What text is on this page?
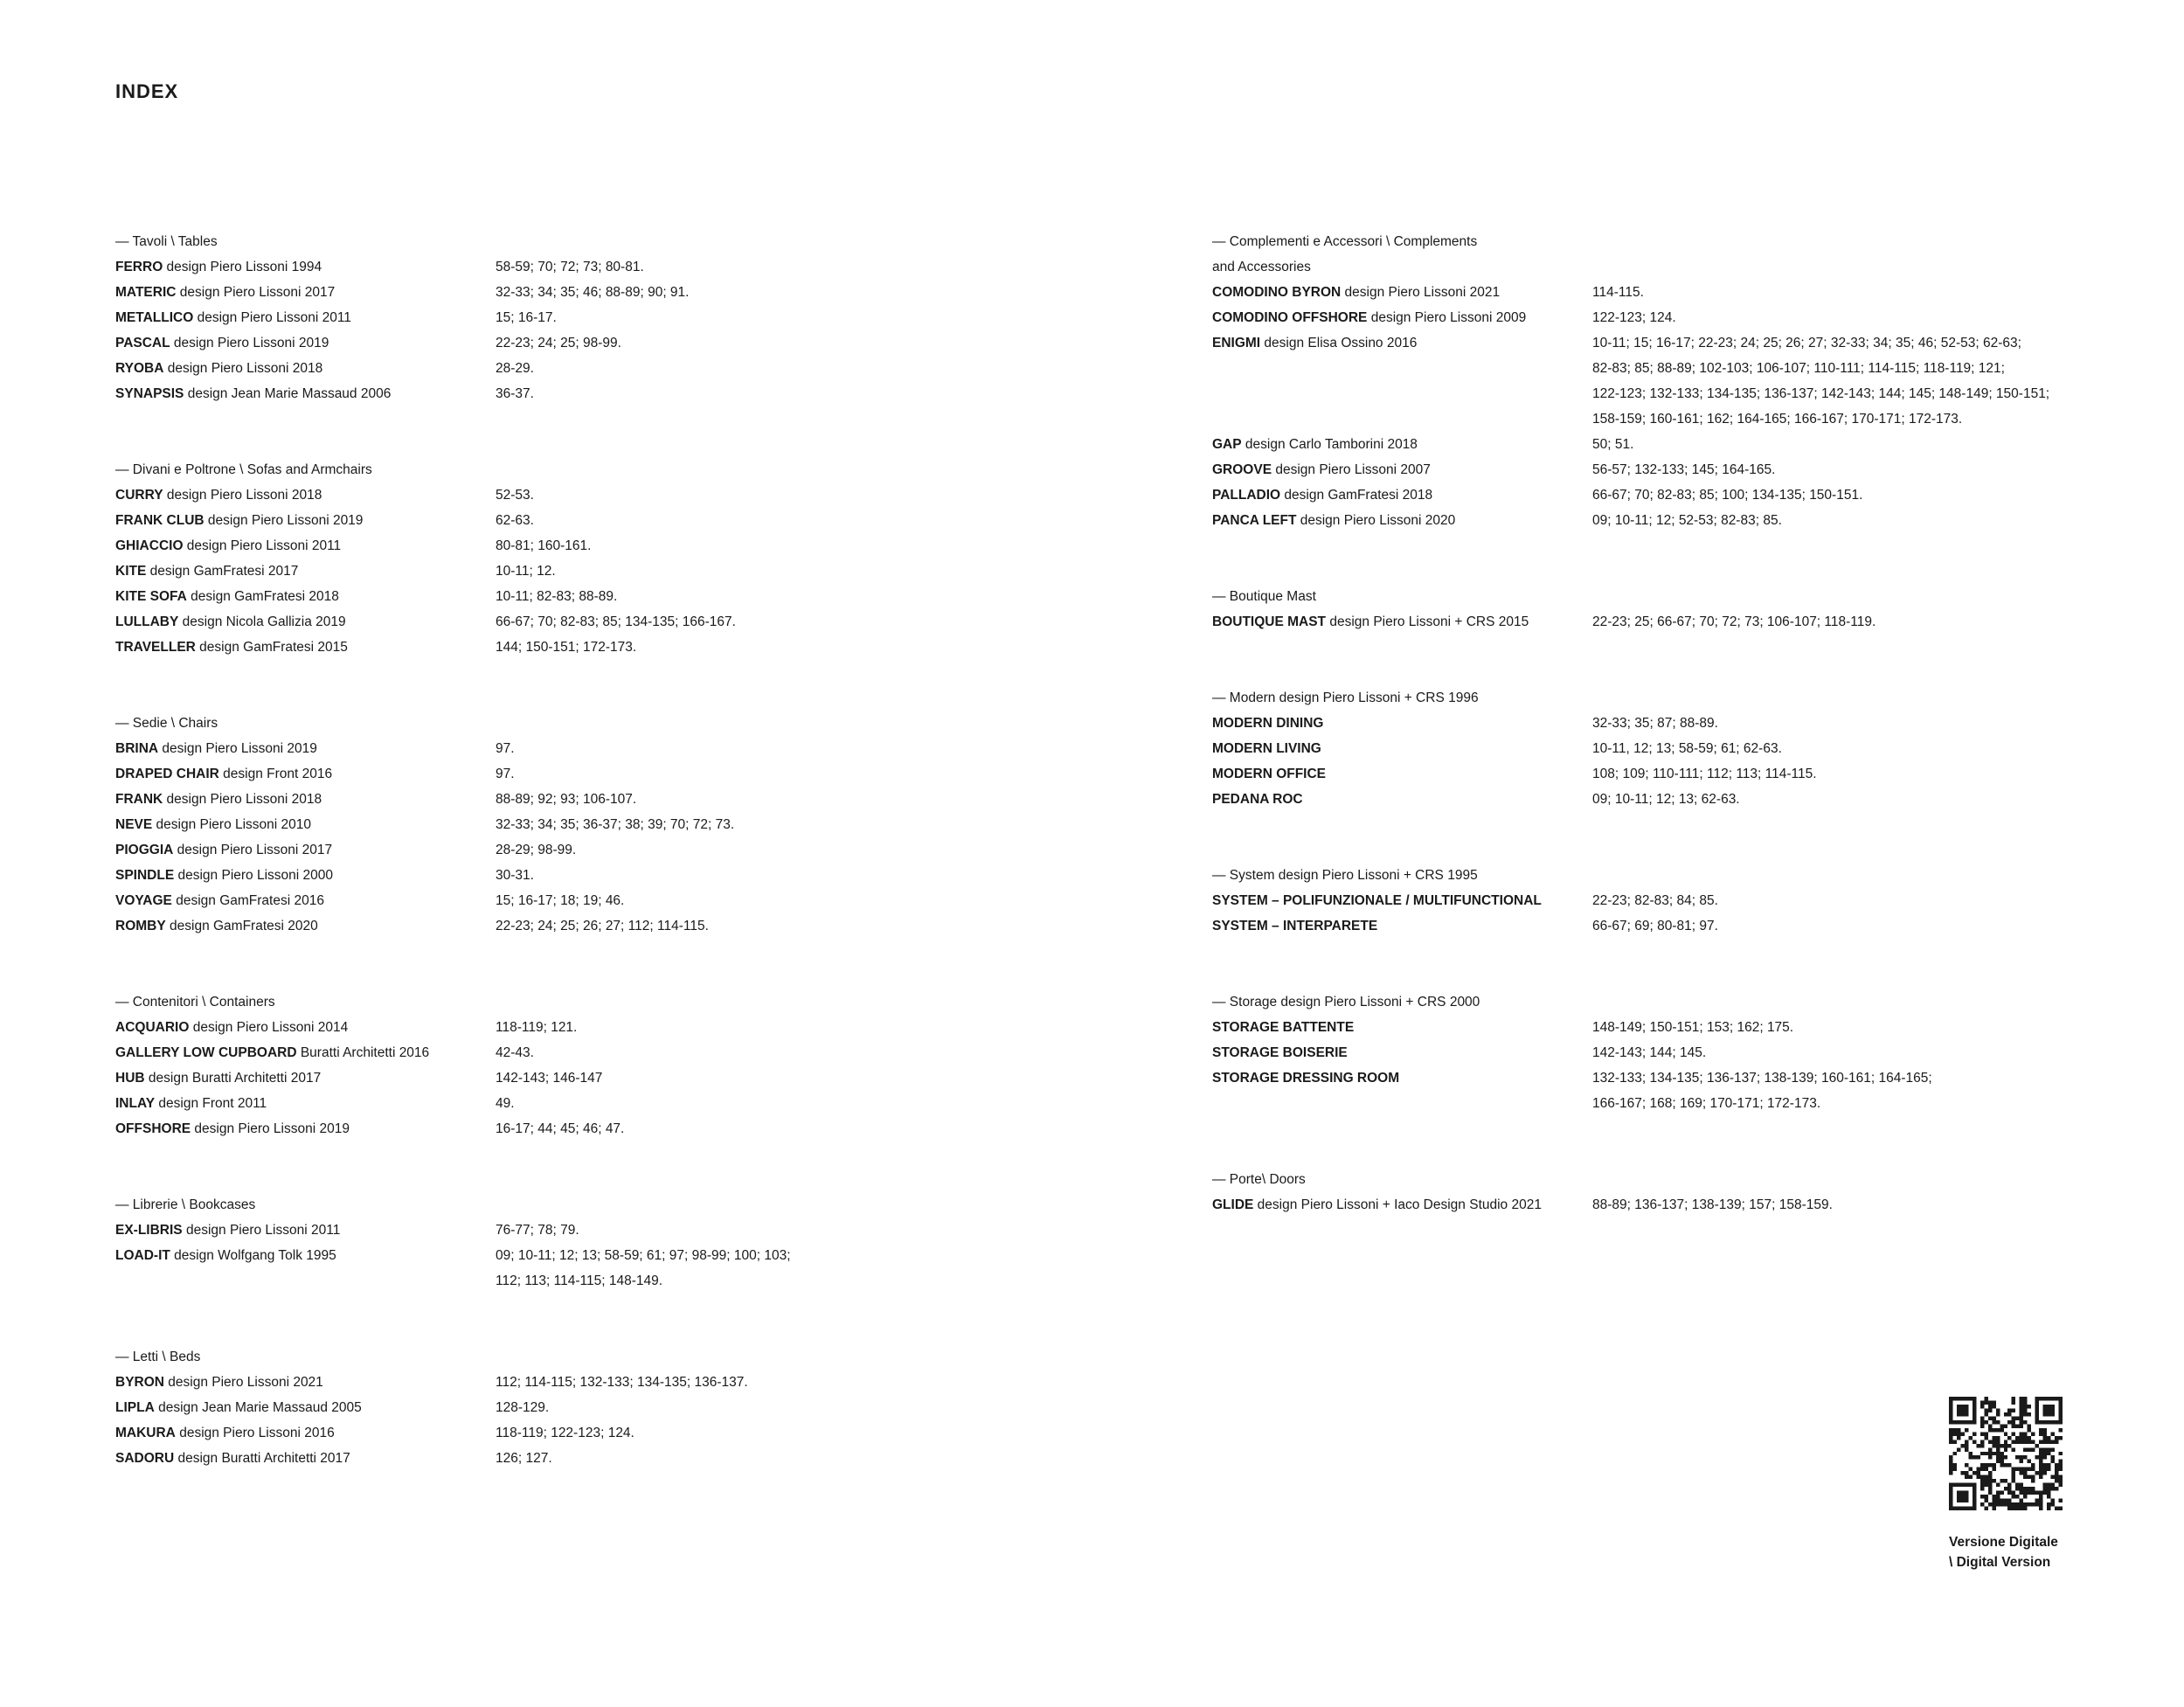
INDEX
— Tavoli \ Tables
FERRO design Piero Lissoni 1994	58-59; 70; 72; 73; 80-81.
MATERIC design Piero Lissoni 2017	32-33; 34; 35; 46; 88-89; 90; 91.
METALLICO design Piero Lissoni 2011	15; 16-17.
PASCAL design Piero Lissoni 2019	22-23; 24; 25; 98-99.
RYOBA design Piero Lissoni 2018	28-29.
SYNAPSIS design Jean Marie Massaud 2006	36-37.
— Divani e Poltrone \ Sofas and Armchairs
CURRY design Piero Lissoni 2018	52-53.
FRANK CLUB design Piero Lissoni 2019	62-63.
GHIACCIO design Piero Lissoni 2011	80-81; 160-161.
KITE design GamFratesi 2017	10-11; 12.
KITE SOFA design GamFratesi 2018	10-11; 82-83; 88-89.
LULLABY design Nicola Gallizia 2019	66-67; 70; 82-83; 85; 134-135; 166-167.
TRAVELLER design GamFratesi 2015	144; 150-151; 172-173.
— Sedie \ Chairs
BRINA design Piero Lissoni 2019	97.
DRAPED CHAIR design Front 2016	97.
FRANK design Piero Lissoni 2018	88-89; 92; 93; 106-107.
NEVE design Piero Lissoni 2010	32-33; 34; 35; 36-37; 38; 39; 70; 72; 73.
PIOGGIA design Piero Lissoni 2017	28-29; 98-99.
SPINDLE design Piero Lissoni 2000	30-31.
VOYAGE design GamFratesi 2016	15; 16-17; 18; 19; 46.
ROMBY design GamFratesi 2020	22-23; 24; 25; 26; 27; 112; 114-115.
— Contenitori \ Containers
ACQUARIO design Piero Lissoni 2014	118-119; 121.
GALLERY LOW CUPBOARD Buratti Architetti 2016	42-43.
HUB design Buratti Architetti 2017	142-143; 146-147
INLAY design Front 2011	49.
OFFSHORE design Piero Lissoni 2019	16-17; 44; 45; 46; 47.
— Librerie \ Bookcases
EX-LIBRIS design Piero Lissoni 2011	76-77; 78; 79.
LOAD-IT design Wolfgang Tolk 1995	09; 10-11; 12; 13; 58-59; 61; 97; 98-99; 100; 103;
112; 113; 114-115; 148-149.
— Letti \ Beds
BYRON design Piero Lissoni 2021	112; 114-115; 132-133; 134-135; 136-137.
LIPLA design Jean Marie Massaud 2005	128-129.
MAKURA design Piero Lissoni 2016	118-119; 122-123; 124.
SADORU design Buratti Architetti 2017	126; 127.
— Complementi e Accessori \ Complements
and Accessories
COMODINO BYRON design Piero Lissoni 2021	114-115.
COMODINO OFFSHORE design Piero Lissoni 2009	122-123; 124.
ENIGMI design Elisa Ossino 2016	10-11; 15; 16-17; 22-23; 24; 25; 26; 27; 32-33; 34; 35; 46; 52-53; 62-63;
82-83; 85; 88-89; 102-103; 106-107; 110-111; 114-115; 118-119; 121;
122-123; 132-133; 134-135; 136-137; 142-143; 144; 145; 148-149; 150-151;
158-159; 160-161; 162; 164-165; 166-167; 170-171; 172-173.
GAP design Carlo Tamborini 2018	50; 51.
GROOVE design Piero Lissoni 2007	56-57; 132-133; 145; 164-165.
PALLADIO design GamFratesi 2018	66-67; 70; 82-83; 85; 100; 134-135; 150-151.
PANCA LEFT design Piero Lissoni 2020	09; 10-11; 12; 52-53; 82-83; 85.
— Boutique Mast
BOUTIQUE MAST design Piero Lissoni + CRS 2015	22-23; 25; 66-67; 70; 72; 73; 106-107; 118-119.
— Modern design Piero Lissoni + CRS 1996
MODERN DINING	32-33; 35; 87; 88-89.
MODERN LIVING	10-11, 12; 13; 58-59; 61; 62-63.
MODERN OFFICE	108; 109; 110-111; 112; 113; 114-115.
PEDANA ROC	09; 10-11; 12; 13; 62-63.
— System design Piero Lissoni + CRS 1995
SYSTEM – POLIFUNZIONALE / MULTIFUNCTIONAL	22-23; 82-83; 84; 85.
SYSTEM – INTERPARETE	66-67; 69; 80-81; 97.
— Storage design Piero Lissoni + CRS 2000
STORAGE BATTENTE	148-149; 150-151; 153; 162; 175.
STORAGE BOISERIE	142-143; 144; 145.
STORAGE DRESSING ROOM	132-133; 134-135; 136-137; 138-139; 160-161; 164-165;
166-167; 168; 169; 170-171; 172-173.
— Porte\ Doors
GLIDE design Piero Lissoni + Iaco Design Studio 2021	88-89; 136-137; 138-139; 157; 158-159.
Versione Digitale
\ Digital Version
